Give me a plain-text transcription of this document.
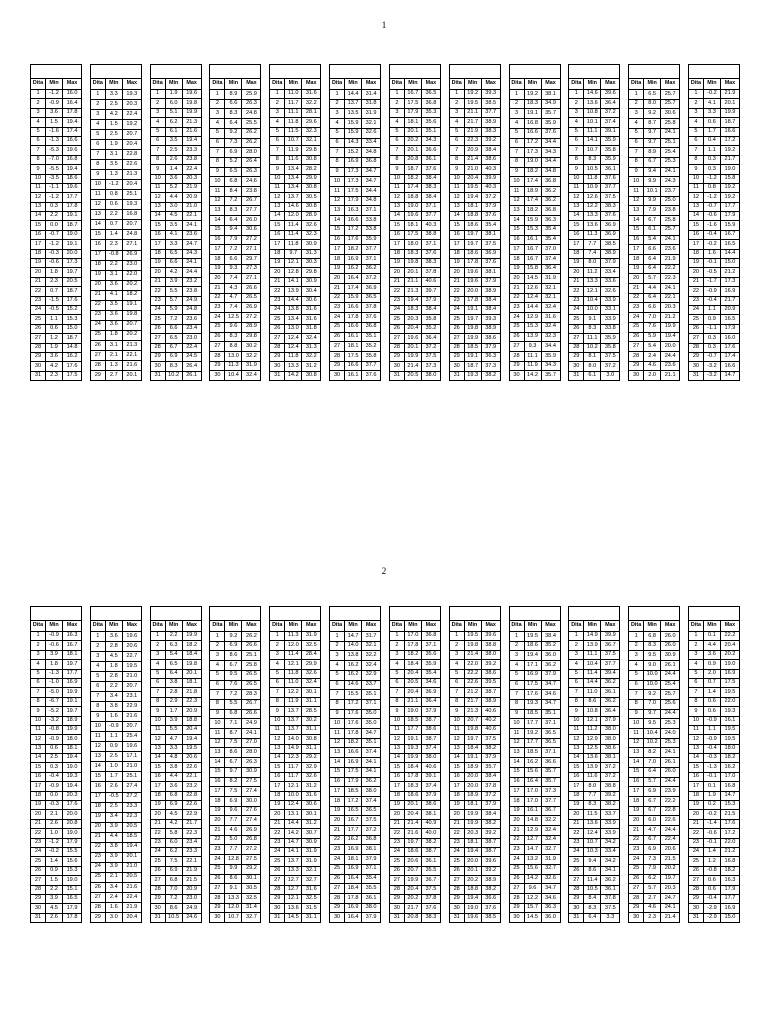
1

Dita	Min	Max
1	-1.2	16.0
2	-0.9	16.4
3	3.6	17.8
4	1.5	19.4
5	-1.6	17.4
6	-1.3	16.6
7	-5.3	19.6
8	-7.0	16.8
9	-5.5	19.4
10	-3.5	18.6
11	-1.1	19.6
12	-1.2	17.7
13	0.3	17.8
14	2.2	19.1
15	0.0	18.7
16	-0.7	19.0
17	-1.2	19.1
18	-0.3	20.0
19	-0.6	17.3
20	1.8	19.7
21	2.3	20.5
22	0.7	18.7
23	-1.5	17.6
24	-0.5	15.2
25	1.1	15.3
26	0.6	15.0
27	1.2	18.7
28	1.9	14.8
29	3.6	16.2
30	4.2	17.6
31	2.3	17.5

Dita	Min	Max
1	3.3	19.3
2	2.5	20.3
3	4.2	22.4
4	1.5	19.2
5	2.5	20.7
6	1.9	20.4
7	3.1	22.8
8	3.5	22.6
9	1.3	21.3
10	-1.2	20.4
11	0.8	25.1
12	0.6	19.3
13	2.2	16.8
14	0.7	20.7
15	1.4	24.8
16	2.3	27.1
17	-0.8	26.9
18	2.2	23.0
19	3.1	22.0
20	3.6	20.2
21	4.1	18.2
22	3.5	19.1
23	3.6	19.8
24	3.6	20.7
25	1.8	20.2
26	3.1	21.3
27	2.1	22.1
28	1.3	21.6
29	2.7	20.1

Dita	Min	Max
1	1.9	19.6
2	6.0	19.8
3	5.1	19.9
4	6.2	21.3
5	6.1	21.6
6	3.5	19.4
7	2.5	23.3
8	2.6	23.8
9	1.4	22.4
10	3.6	20.3
11	5.2	21.9
12	4.4	20.9
13	3.0	21.0
14	4.5	22.1
15	3.5	24.1
16	4.1	23.6
17	3.3	24.7
18	6.5	24.3
19	6.6	24.1
20	4.2	24.4
21	3.9	23.2
22	5.5	23.8
23	5.7	24.9
24	5.9	24.8
25	7.2	23.6
26	6.6	23.4
27	6.5	23.0
28	6.7	22.4
29	6.9	24.5
30	8.3	26.4
31	10.2	26.1

Dita	Min	Max
1	8.9	25.9
2	6.6	26.3
3	8.3	24.8
4	6.4	25.5
5	9.2	26.2
6	7.3	26.2
7	6.9	28.0
8	5.2	26.4
9	6.5	26.3
10	6.8	24.6
11	8.4	23.8
12	7.2	26.7
13	8.3	27.7
14	6.4	26.0
15	9.4	30.6
16	7.9	27.2
17	7.2	27.1
18	6.6	29.7
19	9.3	27.3
20	7.4	27.1
21	4.3	26.6
22	4.7	26.5
23	7.4	26.9
24	12.5	27.2
25	9.6	28.9
26	8.3	29.8
27	8.8	30.2
28	13.0	32.2
29	11.3	31.9
30	10.4	32.4

Dita	Min	Max
1	11.0	31.6
2	11.7	32.2
3	11.1	28.1
4	11.8	29.6
5	11.5	32.3
6	10.7	32.1
7	11.9	29.8
8	11.6	30.8
9	13.4	28.2
10	13.4	29.9
11	13.4	30.8
12	13.7	30.5
13	14.6	30.8
14	12.0	28.9
15	11.4	32.6
16	11.4	32.3
17	11.8	30.9
18	9.7	31.3
19	12.1	30.3
20	12.8	29.8
21	14.1	30.9
22	13.9	30.4
23	14.4	30.6
24	13.8	31.6
25	13.4	31.6
26	13.0	31.8
27	12.4	32.4
28	12.4	31.3
29	11.8	32.2
30	13.3	31.2
31	14.2	30.8

Dita	Min	Max
1	14.4	31.4
2	13.7	31.8
3	13.5	31.9
4	15.9	32.1
5	15.9	32.6
6	14.3	33.4
7	15.2	34.8
8	16.9	36.8
9	17.3	34.7
10	17.3	34.7
11	17.5	34.4
12	17.9	34.8
13	16.3	37.1
14	16.6	33.8
15	17.2	33.8
16	17.6	35.9
17	18.2	37.7
18	16.9	37.1
19	16.2	36.2
20	16.4	37.2
21	17.4	36.9
22	15.9	36.5
23	16.6	37.8
24	17.8	37.6
25	16.6	36.8
26	16.1	35.1
27	18.1	35.2
28	17.5	35.8
29	16.6	37.7
30	16.1	37.6

Dita	Min	Max
1	16.7	36.5
2	17.5	36.8
3	17.9	35.3
4	18.1	35.6
5	20.1	35.1
6	20.2	34.3
7	20.1	36.6
8	20.8	36.1
9	18.7	37.6
10	18.2	38.4
11	17.4	38.3
12	18.8	38.4
13	19.0	37.1
14	19.6	37.7
15	18.1	40.3
16	17.5	38.8
17	18.0	37.1
18	18.3	37.6
19	19.8	38.3
20	20.1	37.8
21	21.1	40.6
22	21.3	39.7
23	19.4	37.9
24	18.3	38.4
25	20.3	35.8
26	20.4	35.2
27	19.6	36.4
28	20.1	37.2
29	19.9	37.5
30	21.4	37.3
31	20.5	38.0

Dita	Min	Max
1	19.2	39.3
2	19.5	38.5
3	21.1	37.7
4	21.7	38.9
5	21.9	38.3
6	22.3	39.2
7	20.9	38.4
8	21.4	38.6
9	21.0	40.3
10	20.4	39.9
11	19.5	40.3
12	19.4	37.2
13	18.1	37.9
14	18.8	37.6
15	18.6	35.4
16	19.7	38.1
17	19.7	37.5
18	18.6	36.9
19	17.8	37.6
20	19.6	38.1
21	19.6	37.9
22	20.0	38.9
23	17.8	38.4
24	19.1	38.4
25	19.7	39.3
26	19.8	38.9
27	19.9	38.6
28	18.5	37.9
29	19.1	36.3
30	18.7	37.3
31	19.3	38.2

Dita	Min	Max
1	19.2	38.1
2	18.3	34.9
3	19.1	35.7
4	16.8	35.9
5	16.6	37.6
6	17.2	34.4
7	17.3	34.3
8	19.0	34.4
9	18.2	34.8
10	17.4	36.8
11	18.9	36.2
12	17.4	36.2
13	18.2	36.8
14	15.9	36.3
15	15.3	35.4
16	16.1	35.4
17	16.7	37.0
18	16.7	37.4
19	15.8	36.4
20	14.5	31.9
21	12.6	32.1
22	12.4	32.1
23	14.4	32.4
24	12.9	31.6
25	15.3	32.4
26	13.9	32.3
27	9.3	34.4
28	11.1	35.9
29	11.9	34.3
30	14.2	35.7

Dita	Min	Max
1	14.6	39.6
2	13.6	36.4
3	10.8	37.2
4	10.1	37.4
5	11.1	39.1
6	14.1	35.9
7	10.7	35.8
8	8.3	35.9
9	10.5	36.1
10	11.8	37.6
11	10.9	37.7
12	12.6	37.5
13	12.2	38.3
14	13.3	37.6
15	13.6	36.9
16	11.3	36.9
17	7.7	38.5
18	7.4	38.9
19	8.0	37.9
20	11.2	33.4
21	13.3	33.6
22	12.1	32.6
23	10.4	33.9
24	10.0	33.1
25	9.1	33.9
26	8.3	33.8
27	11.1	35.9
28	10.2	35.8
29	8.1	37.5
30	8.0	37.2
31	6.1	3.0

Dita	Min	Max
1	6.5	25.7
2	8.0	25.7
3	9.2	30.6
4	8.7	25.8
5	9.7	24.1
6	9.7	25.1
7	8.9	25.4
8	6.7	25.3
9	9.4	24.1
10	9.9	24.3
11	10.1	23.7
12	9.9	25.0
13	7.9	23.8
14	6.7	25.8
15	6.1	25.7
16	5.4	24.1
17	6.6	23.6
18	6.4	21.9
19	6.4	22.2
20	5.7	22.3
21	4.4	24.1
22	6.4	22.1
23	6.6	20.3
24	7.0	21.2
25	7.6	19.9
26	5.9	19.4
27	5.4	20.0
28	2.4	24.4
29	4.6	23.6
30	2.0	21.1

Dita	Min	Max
1	-0.2	21.9
2	4.1	20.1
3	3.3	19.9
4	0.6	18.7
5	1.7	16.6
6	0.4	17.2
7	1.1	19.2
8	0.3	21.7
9	0.3	19.0
10	-1.2	15.8
11	0.8	19.2
12	-1.2	19.2
13	-0.7	17.7
14	-0.6	17.9
15	-1.6	15.9
16	-0.4	16.7
17	-0.2	16.5
18	1.6	14.4
19	-0.1	15.0
20	-0.5	21.2
21	-1.7	17.3
22	-0.9	16.9
23	-0.4	21.7
24	1.1	20.9
25	0.9	16.5
26	-1.1	17.9
27	0.3	16.0
28	0.3	17.6
29	-0.7	17.4
30	-3.2	16.6
31	-3.2	14.7
2

Dita	Min	Max
1	-0.9	16.3
2	-0.6	16.7
3	3.9	18.1
4	1.8	19.7
5	-1.3	17.7
6	-1.0	16.9
7	-5.0	19.9
8	-6.7	19.1
9	-5.2	19.7
10	-3.2	18.9
11	-0.8	19.9
12	-0.9	18.0
13	0.6	18.1
14	2.5	19.4
15	0.3	19.0
16	-0.4	19.3
17	-0.9	19.4
18	0.0	20.3
19	-0.3	17.6
20	2.1	20.0
21	2.6	20.8
22	1.0	19.0
23	-1.2	17.9
24	-0.2	15.5
25	1.4	15.6
26	0.9	15.3
27	1.5	19.0
28	2.2	15.1
29	3.9	16.5
30	4.5	17.9
31	2.6	17.8

Dita	Min	Max
1	3.6	19.6
2	2.8	20.6
3	4.5	22.7
4	1.8	19.5
5	2.8	21.0
6	2.2	20.7
7	3.4	23.1
8	3.8	22.9
9	1.6	21.6
10	-0.9	20.7
11	1.1	25.4
12	0.9	19.6
13	2.5	17.1
14	1.0	21.0
15	1.7	25.1
16	2.6	27.4
17	-0.5	27.2
18	2.5	23.3
19	3.4	22.3
20	3.9	20.5
21	4.4	18.5
22	3.8	19.4
23	3.9	20.1
24	3.9	21.0
25	2.1	20.5
26	3.4	21.6
27	2.4	22.4
28	1.6	21.9
29	3.0	20.4

Dita	Min	Max
1	2.2	19.9
2	6.3	18.2
3	5.4	18.4
4	6.5	19.8
5	6.4	20.1
6	3.8	18.1
7	2.8	21.8
8	2.9	22.3
9	1.7	20.9
10	3.9	18.8
11	5.5	20.4
12	4.7	19.4
13	3.3	19.5
14	4.8	20.6
15	3.8	22.6
16	4.4	22.1
17	3.6	23.2
18	6.8	22.8
19	6.9	22.6
20	4.5	22.9
21	4.2	21.7
22	5.8	22.3
23	6.0	23.4
24	6.2	23.3
25	7.5	22.1
26	6.9	21.9
27	6.8	21.5
28	7.0	20.9
29	7.2	23.0
30	8.6	24.9
31	10.5	24.6

Dita	Min	Max
1	9.2	26.2
2	6.9	26.6
3	8.6	25.1
4	6.7	25.8
5	9.5	26.5
6	7.6	26.5
7	7.2	28.3
8	5.5	26.7
9	6.8	26.6
10	7.1	24.9
11	8.7	24.1
12	7.5	27.0
13	8.6	28.0
14	6.7	26.3
15	9.7	30.9
16	8.2	27.5
17	7.5	27.4
18	6.9	30.0
19	9.6	27.6
20	7.7	27.4
21	4.6	26.9
22	5.0	26.8
23	7.7	27.2
24	12.8	27.5
25	9.9	29.2
26	8.6	30.1
27	9.1	30.5
28	13.3	32.5
29	12.0	31.4
30	10.7	32.7

Dita	Min	Max
1	11.3	31.9
2	12.0	32.5
3	11.4	28.4
4	12.1	29.9
5	11.8	32.6
6	11.0	32.4
7	12.2	30.1
8	11.9	31.1
9	13.7	28.5
10	13.7	30.2
11	13.7	31.1
12	14.0	30.8
13	14.9	31.1
14	12.3	29.2
15	11.7	32.9
16	11.7	32.6
17	12.1	31.2
18	10.0	31.6
19	12.4	30.6
20	13.1	30.1
21	14.4	31.2
22	14.2	30.7
23	14.7	30.9
24	14.1	31.9
25	13.7	31.9
26	13.3	32.1
27	12.7	32.7
28	12.7	31.6
29	12.1	32.5
30	13.6	31.5
31	14.5	31.1

Dita	Min	Max
1	14.7	31.7
2	14.0	32.1
3	13.8	32.2
4	16.2	32.4
5	16.2	32.9
6	14.6	33.7
7	15.5	35.1
8	17.2	37.1
9	17.6	35.0
10	17.6	35.0
11	17.8	34.7
12	18.2	35.1
13	16.6	37.4
14	16.9	34.1
15	17.5	34.1
16	17.9	36.2
17	18.5	38.0
18	17.2	37.4
19	16.5	36.5
20	16.7	37.5
21	17.7	37.2
22	16.2	36.8
23	16.9	38.1
24	18.1	37.9
25	16.9	37.1
26	16.4	35.4
27	18.4	35.5
28	17.8	36.1
29	16.9	38.0
30	16.4	37.9

Dita	Min	Max
1	17.0	36.8
2	17.8	37.1
3	18.2	35.6
4	18.4	35.9
5	20.4	35.4
6	20.5	34.6
7	20.4	36.9
8	21.1	36.4
9	19.0	37.9
10	18.5	38.7
11	17.7	38.6
12	19.1	38.7
13	19.3	37.4
14	19.9	38.0
15	18.4	40.6
16	17.8	39.1
17	18.3	37.4
18	18.6	37.9
19	20.1	38.6
20	20.4	38.1
21	21.4	40.9
22	21.6	40.0
23	19.7	38.2
24	18.6	38.7
25	20.6	36.1
26	20.7	35.5
27	19.9	36.7
28	20.4	37.5
29	20.2	37.8
30	21.7	37.6
31	20.8	38.3

Dita	Min	Max
1	19.5	39.6
2	19.8	38.8
3	21.4	38.0
4	22.0	39.2
5	22.2	38.6
6	22.6	39.5
7	21.2	38.7
8	21.7	38.9
9	21.3	40.6
10	20.7	40.2
11	19.8	40.6
12	19.7	37.5
13	18.4	38.2
14	19.1	37.9
15	18.9	35.7
16	20.0	38.4
17	20.0	37.8
18	18.9	37.2
19	18.1	37.9
20	19.9	38.4
21	19.9	38.2
22	20.3	39.2
23	18.1	38.7
24	19.4	38.7
25	20.0	39.6
26	20.1	39.2
27	20.2	38.9
28	18.8	38.2
29	19.4	36.6
30	19.0	37.6
31	19.6	38.5

Dita	Min	Max
1	19.5	38.4
2	18.6	35.2
3	19.4	36.0
4	17.1	36.2
5	16.9	37.9
6	17.5	34.7
7	17.6	34.6
8	19.3	34.7
9	18.5	35.1
10	17.7	37.1
11	19.2	36.5
12	17.7	36.5
13	18.5	37.1
14	16.2	36.6
15	15.6	35.7
16	16.4	35.7
17	17.0	37.3
18	17.0	37.7
19	16.1	36.7
20	14.8	32.2
21	12.9	32.4
22	12.7	32.4
23	14.7	32.7
24	13.2	31.9
25	15.6	32.7
26	14.2	32.6
27	9.6	34.7
28	12.2	34.6
29	15.7	36.3
30	14.5	36.0

Dita	Min	Max
1	14.9	39.9
2	13.9	36.7
3	11.1	37.5
4	10.4	37.7
5	11.4	39.4
6	14.4	36.2
7	11.0	36.1
8	8.6	36.2
9	10.8	36.4
10	12.1	37.9
11	11.2	38.0
12	12.9	38.0
13	12.5	38.6
14	13.6	38.1
15	13.9	37.2
16	11.6	37.2
17	8.0	38.8
18	7.7	39.2
19	8.3	38.2
20	11.5	33.7
21	13.6	33.9
22	12.4	33.9
23	10.7	34.2
24	10.3	33.4
25	9.4	34.2
26	8.6	34.1
27	11.4	36.2
28	10.5	36.1
29	8.4	37.8
30	8.3	37.5
31	6.4	3.3

Dita	Min	Max
1	6.8	26.0
2	8.3	26.0
3	9.5	30.9
4	9.0	26.1
5	10.0	24.4
6	10.0	25.4
7	9.2	25.7
8	7.0	25.6
9	9.7	24.4
10	9.5	25.3
11	10.4	24.0
12	10.2	25.3
13	8.2	24.1
14	7.0	26.1
15	6.4	26.0
16	5.7	24.4
17	6.9	23.9
18	6.7	22.2
19	6.7	22.8
20	6.0	22.6
21	4.7	24.4
22	6.7	22.4
23	6.9	20.6
24	7.3	21.5
25	7.9	20.2
26	6.2	19.7
27	5.7	20.3
28	2.7	24.7
29	4.6	24.1
30	2.3	21.4

Dita	Min	Max
1	0.1	22.2
2	4.4	20.4
3	3.6	20.2
4	0.9	19.0
5	2.0	16.9
6	0.7	17.5
7	1.4	19.5
8	0.6	22.0
9	0.6	19.3
10	-0.9	16.1
11	1.1	19.5
12	-0.9	19.5
13	-0.4	18.0
14	-0.3	18.2
15	-1.3	16.2
16	-0.1	17.0
17	0.1	16.8
18	1.9	14.7
19	0.2	15.3
20	-0.2	21.5
21	-1.4	17.6
22	-0.6	17.2
23	-0.1	22.0
24	1.4	21.2
25	1.2	16.8
26	-0.8	18.2
27	0.6	16.3
28	0.6	17.9
29	-0.4	17.7
30	-2.9	16.9
31	-2.9	15.0
